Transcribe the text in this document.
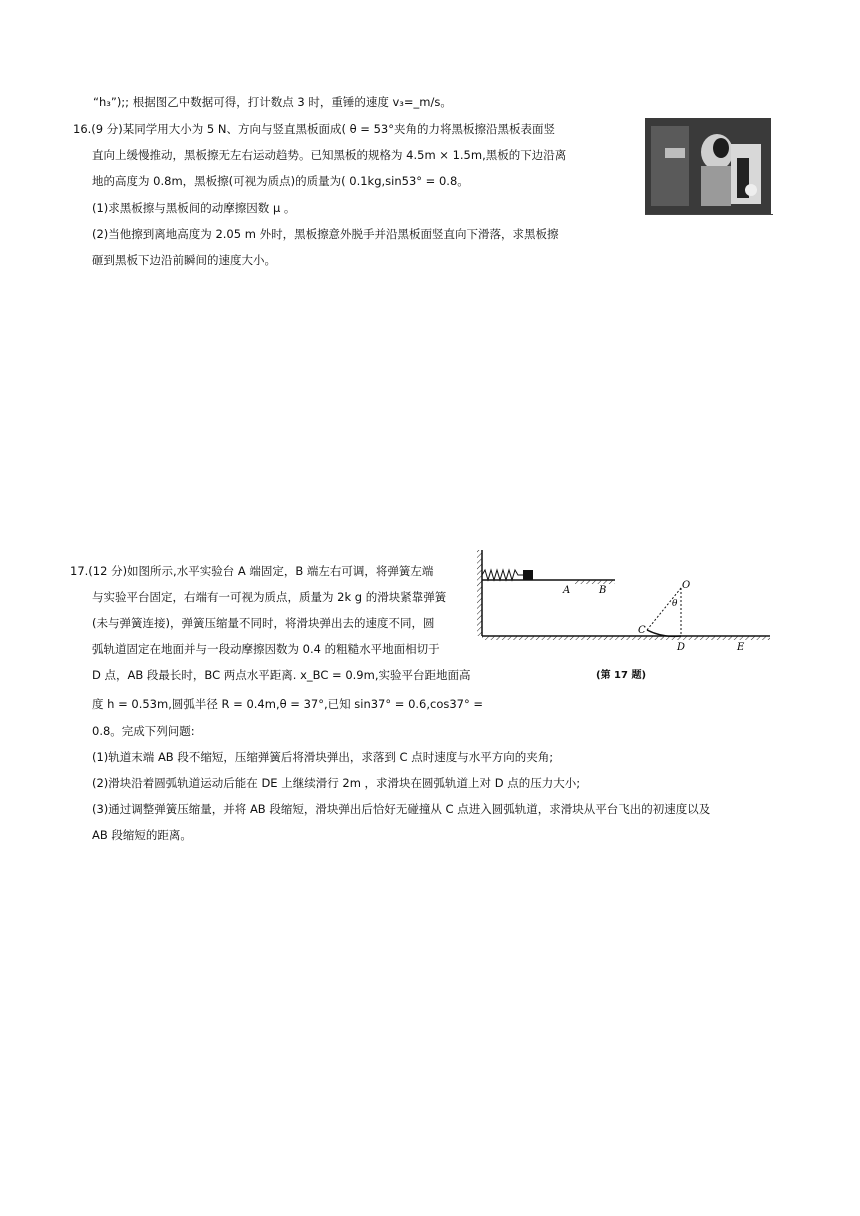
“h₃”);; 根据图乙中数据可得，打计数点 3 时，重锤的速度 v₃=_m/s。
16.(9 分)某同学用大小为 5 N、方向与竖直黑板面成( θ = 53°夹角的力将黑板擦沿黑板表面竖
直向上缓慢推动，黑板擦无左右运动趋势。已知黑板的规格为 4.5m × 1.5m,黑板的下边沿离
地的高度为 0.8m，黑板擦(可视为质点)的质量为( 0.1kg,sin53° = 0.8。
(1)求黑板擦与黑板间的动摩擦因数 μ 。
(2)当他擦到离地高度为 2.05 m 外时，黑板擦意外脱手并沿黑板面竖直向下滑落，求黑板擦
砸到黑板下边沿前瞬间的速度大小。
17.(12 分)如图所示,水平实验台 A 端固定，B 端左右可调，将弹簧左端
与实验平台固定，右端有一可视为质点，质量为 2k g 的滑块紧靠弹簧
(未与弹簧连接)，弹簧压缩量不同时，将滑块弹出去的速度不同，圆
弧轨道固定在地面并与一段动摩擦因数为 0.4 的粗糙水平地面相切于
D 点，AB 段最长时，BC 两点水平距离. x_BC = 0.9m,实验平台距地面高
度 h = 0.53m,圆弧半径 R = 0.4m,θ = 37°,已知 sin37° = 0.6,cos37° =
0.8。完成下列问题:
(1)轨道末端 AB 段不缩短，压缩弹簧后将滑块弹出，求落到 C 点时速度与水平方向的夹角;
(2)滑块沿着圆弧轨道运动后能在 DE 上继续滑行 2m ，求滑块在圆弧轨道上对 D 点的压力大小;
(3)通过调整弹簧压缩量，并将 AB 段缩短，滑块弹出后恰好无碰撞从 C 点进入圆弧轨道，求滑块从平台飞出的初速度以及
AB 段缩短的距离。
A	B	O
θ
C
D	E
(第 17 题)
